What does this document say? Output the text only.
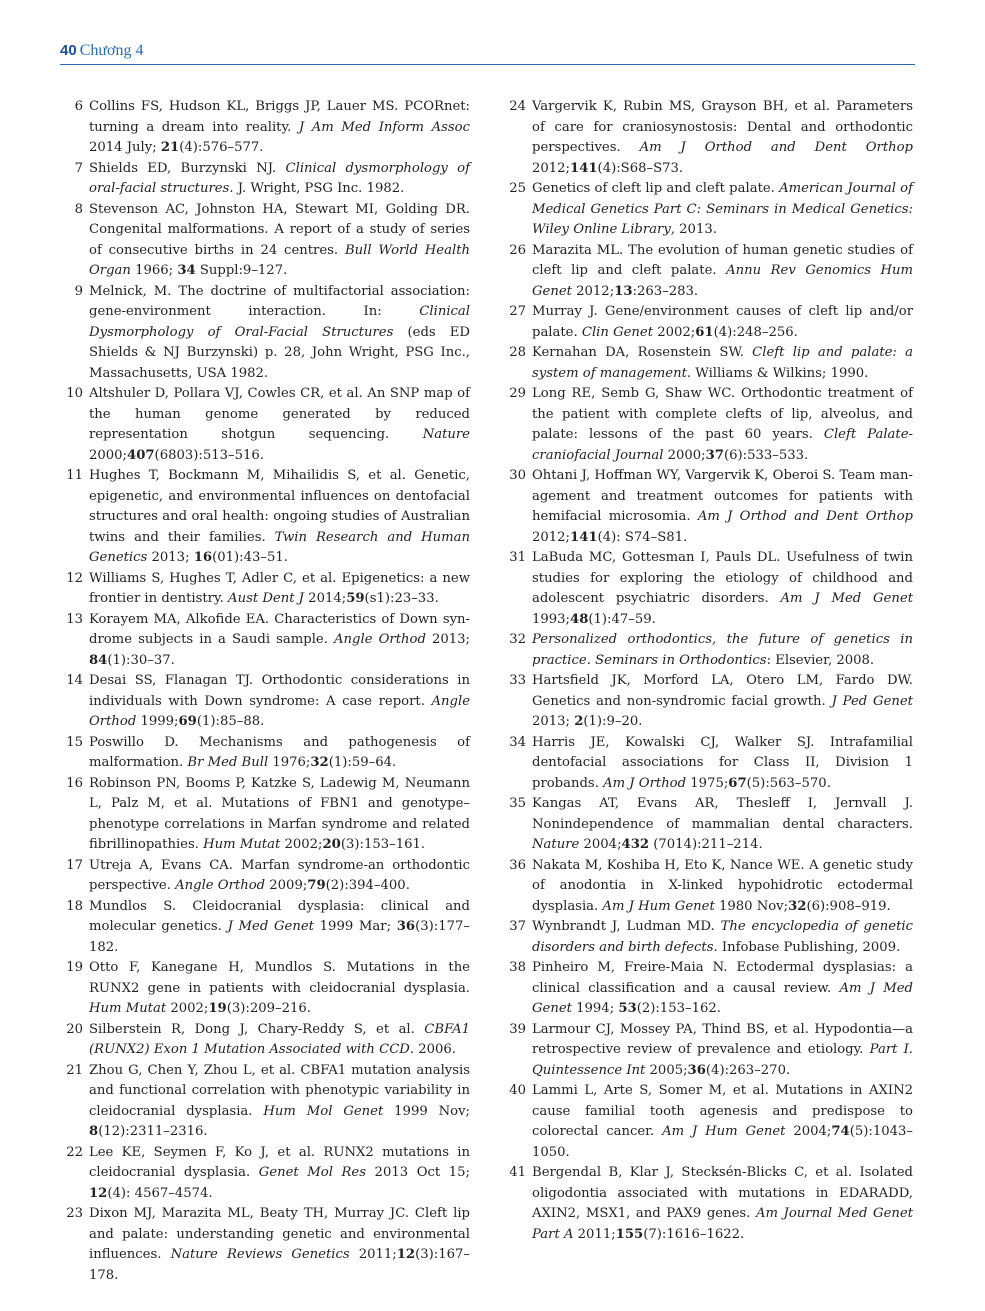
40 Chương 4
6 Collins FS, Hudson KL, Briggs JP, Lauer MS. PCORnet: turning a dream into reality. J Am Med Inform Assoc 2014 July; 21(4):576–577.
7 Shields ED, Burzynski NJ. Clinical dysmorphology of oral-facial structures. J. Wright, PSG Inc. 1982.
8 Stevenson AC, Johnston HA, Stewart MI, Golding DR. Congenital malformations. A report of a study of series of consecutive births in 24 centres. Bull World Health Organ 1966; 34 Suppl:9–127.
9 Melnick, M. The doctrine of multifactorial association: gene-environment interaction. In: Clinical Dysmorphology of Oral-Facial Structures (eds ED Shields & NJ Burzynski) p. 28, John Wright, PSG Inc., Massachusetts, USA 1982.
10 Altshuler D, Pollara VJ, Cowles CR, et al. An SNP map of the human genome generated by reduced representation shotgun sequencing. Nature 2000;407(6803):513–516.
11 Hughes T, Bockmann M, Mihailidis S, et al. Genetic, epigenetic, and environmental influences on dentofacial structures and oral health: ongoing studies of Australian twins and their families. Twin Research and Human Genetics 2013; 16(01):43–51.
12 Williams S, Hughes T, Adler C, et al. Epigenetics: a new frontier in dentistry. Aust Dent J 2014;59(s1):23–33.
13 Korayem MA, Alkofide EA. Characteristics of Down syndrome subjects in a Saudi sample. Angle Orthod 2013; 84(1):30–37.
14 Desai SS, Flanagan TJ. Orthodontic considerations in individuals with Down syndrome: A case report. Angle Orthod 1999;69(1):85–88.
15 Poswillo D. Mechanisms and pathogenesis of malformation. Br Med Bull 1976;32(1):59–64.
16 Robinson PN, Booms P, Katzke S, Ladewig M, Neumann L, Palz M, et al. Mutations of FBN1 and genotype–phenotype correlations in Marfan syndrome and related fibrillinopathies. Hum Mutat 2002;20(3):153–161.
17 Utreja A, Evans CA. Marfan syndrome-an orthodontic perspective. Angle Orthod 2009;79(2):394–400.
18 Mundlos S. Cleidocranial dysplasia: clinical and molecular genetics. J Med Genet 1999 Mar; 36(3):177–182.
19 Otto F, Kanegane H, Mundlos S. Mutations in the RUNX2 gene in patients with cleidocranial dysplasia. Hum Mutat 2002;19(3):209–216.
20 Silberstein R, Dong J, Chary-Reddy S, et al. CBFA1 (RUNX2) Exon 1 Mutation Associated with CCD. 2006.
21 Zhou G, Chen Y, Zhou L, et al. CBFA1 mutation analysis and functional correlation with phenotypic variability in cleidocranial dysplasia. Hum Mol Genet 1999 Nov; 8(12):2311–2316.
22 Lee KE, Seymen F, Ko J, et al. RUNX2 mutations in cleidocranial dysplasia. Genet Mol Res 2013 Oct 15; 12(4): 4567–4574.
23 Dixon MJ, Marazita ML, Beaty TH, Murray JC. Cleft lip and palate: understanding genetic and environmental influences. Nature Reviews Genetics 2011;12(3):167–178.
24 Vargervik K, Rubin MS, Grayson BH, et al. Parameters of care for craniosynostosis: Dental and orthodontic perspectives. Am J Orthod and Dent Orthop 2012;141(4):S68–S73.
25 Genetics of cleft lip and cleft palate. American Journal of Medical Genetics Part C: Seminars in Medical Genetics: Wiley Online Library, 2013.
26 Marazita ML. The evolution of human genetic studies of cleft lip and cleft palate. Annu Rev Genomics Hum Genet 2012;13:263–283.
27 Murray J. Gene/environment causes of cleft lip and/or palate. Clin Genet 2002;61(4):248–256.
28 Kernahan DA, Rosenstein SW. Cleft lip and palate: a system of management. Williams & Wilkins; 1990.
29 Long RE, Semb G, Shaw WC. Orthodontic treatment of the patient with complete clefts of lip, alveolus, and palate: lessons of the past 60 years. Cleft Palate-craniofacial Journal 2000;37(6):533–533.
30 Ohtani J, Hoffman WY, Vargervik K, Oberoi S. Team management and treatment outcomes for patients with hemifacial microsomia. Am J Orthod and Dent Orthop 2012;141(4): S74–S81.
31 LaBuda MC, Gottesman I, Pauls DL. Usefulness of twin studies for exploring the etiology of childhood and adolescent psychiatric disorders. Am J Med Genet 1993;48(1):47–59.
32 Personalized orthodontics, the future of genetics in practice. Seminars in Orthodontics: Elsevier, 2008.
33 Hartsfield JK, Morford LA, Otero LM, Fardo DW. Genetics and non-syndromic facial growth. J Ped Genet 2013; 2(1):9–20.
34 Harris JE, Kowalski CJ, Walker SJ. Intrafamilial dentofacial associations for Class II, Division 1 probands. Am J Orthod 1975;67(5):563–570.
35 Kangas AT, Evans AR, Thesleff I, Jernvall J. Nonindependence of mammalian dental characters. Nature 2004;432 (7014):211–214.
36 Nakata M, Koshiba H, Eto K, Nance WE. A genetic study of anodontia in X-linked hypohidrotic ectodermal dysplasia. Am J Hum Genet 1980 Nov;32(6):908–919.
37 Wynbrandt J, Ludman MD. The encyclopedia of genetic disorders and birth defects. Infobase Publishing, 2009.
38 Pinheiro M, Freire-Maia N. Ectodermal dysplasias: a clinical classification and a causal review. Am J Med Genet 1994; 53(2):153–162.
39 Larmour CJ, Mossey PA, Thind BS, et al. Hypodontia—a retrospective review of prevalence and etiology. Part I. Quintessence Int 2005;36(4):263–270.
40 Lammi L, Arte S, Somer M, et al. Mutations in AXIN2 cause familial tooth agenesis and predispose to colorectal cancer. Am J Hum Genet 2004;74(5):1043–1050.
41 Bergendal B, Klar J, Stecksén-Blicks C, et al. Isolated oligodontia associated with mutations in EDARADD, AXIN2, MSX1, and PAX9 genes. Am Journal Med Genet Part A 2011;155(7):1616–1622.
